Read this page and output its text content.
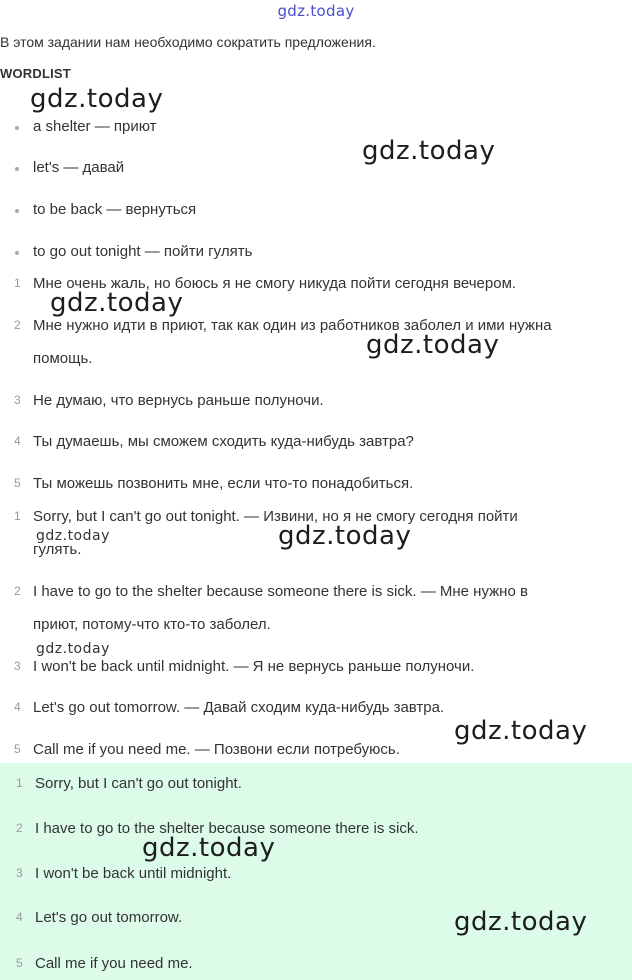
gdz.today
В этом задании нам необходимо сократить предложения.
WORDLIST
a shelter — приют
let's — давай
to be back — вернуться
to go out tonight — пойти гулять
1 Мне очень жаль, но боюсь я не смогу никуда пойти сегодня вечером.
2 Мне нужно идти в приют, так как один из работников заболел и ими нужна
помощь.
3 Не думаю, что вернусь раньше полуночи.
4 Ты думаешь, мы сможем сходить куда-нибудь завтра?
5 Ты можешь позвонить мне, если что-то понадобиться.
1 Sorry, but I can't go out tonight. — Извини, но я не смогу сегодня пойти
гулять.
2 I have to go to the shelter because someone there is sick. — Мне нужно в
приют, потому-что кто-то заболел.
3 I won't be back until midnight. — Я не вернусь раньше полуночи.
4 Let's go out tomorrow. — Давай сходим куда-нибудь завтра.
5 Call me if you need me. — Позвони если потребуюсь.
1 Sorry, but I can't go out tonight.
2 I have to go to the shelter because someone there is sick.
3 I won't be back until midnight.
4 Let's go out tomorrow.
5 Call me if you need me.
gdz.today
gdz.today
gdz.today
gdz.today
gdz.today	gdz.today
gdz.today
gdz.today
gdz.today
gdz.today
